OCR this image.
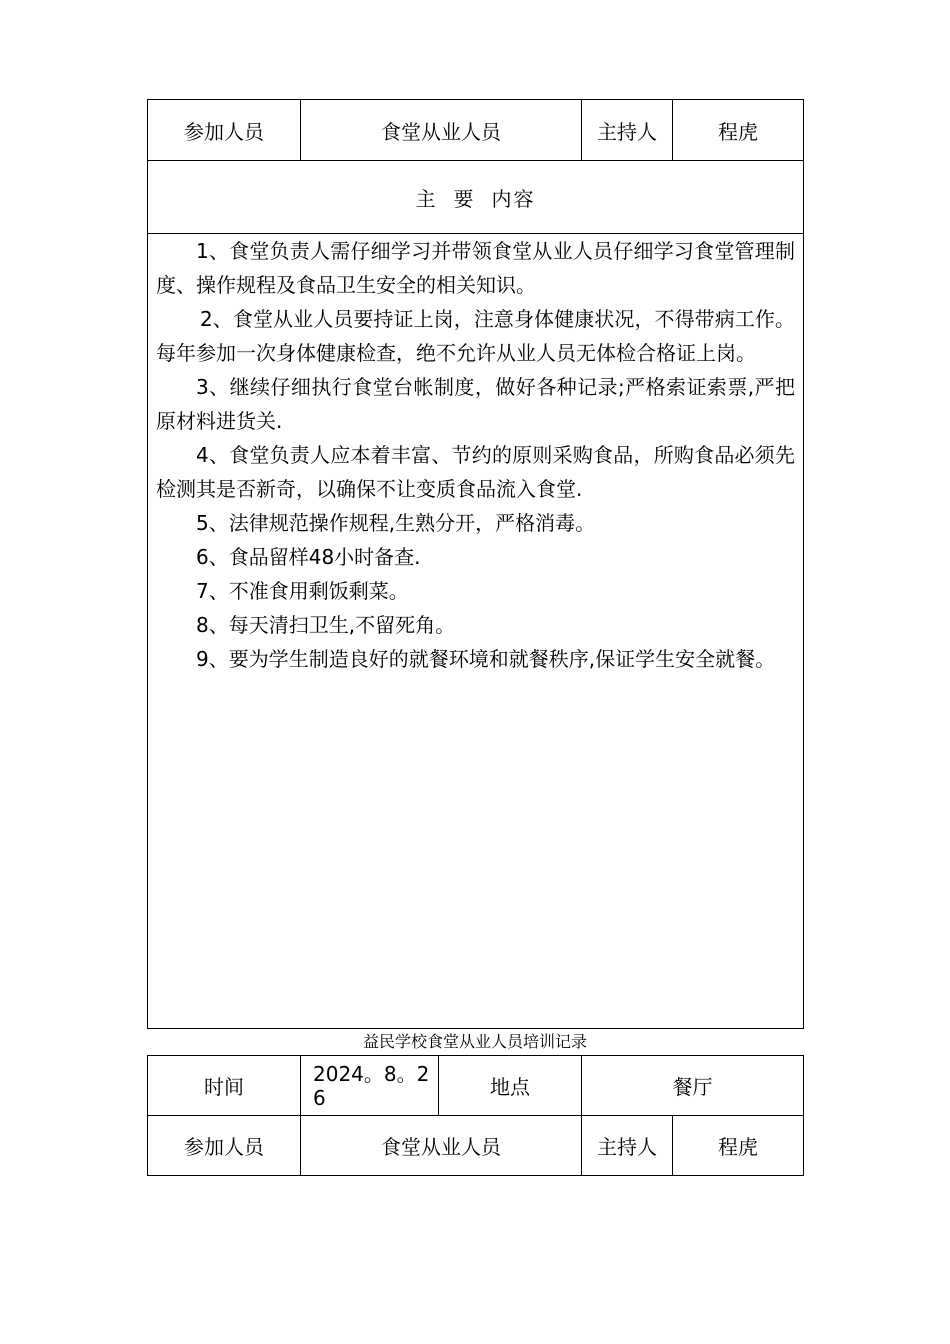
参加人员	食堂从业人员	主持人	程虎
主 要 内容

1、食堂负责人需仔细学习并带领食堂从业人员仔细学习食堂管理制度、操作规程及食品卫生安全的相关知识。

2、食堂从业人员要持证上岗，注意身体健康状况，不得带病工作。每年参加一次身体健康检查，绝不允许从业人员无体检合格证上岗。

3、继续仔细执行食堂台帐制度，做好各种记录;严格索证索票,严把原材料进货关.

4、食堂负责人应本着丰富、节约的原则采购食品，所购食品必须先检测其是否新奇，以确保不让变质食品流入食堂.

5、法律规范操作规程,生熟分开，严格消毒。

6、食品留样48小时备查.

7、不准食用剩饭剩菜。

8、每天清扫卫生,不留死角。

9、要为学生制造良好的就餐环境和就餐秩序,保证学生安全就餐。

益民学校食堂从业人员培训记录
时间	2024。8。26	地点	餐厅	
参加人员	食堂从业人员		主持人	程虎
